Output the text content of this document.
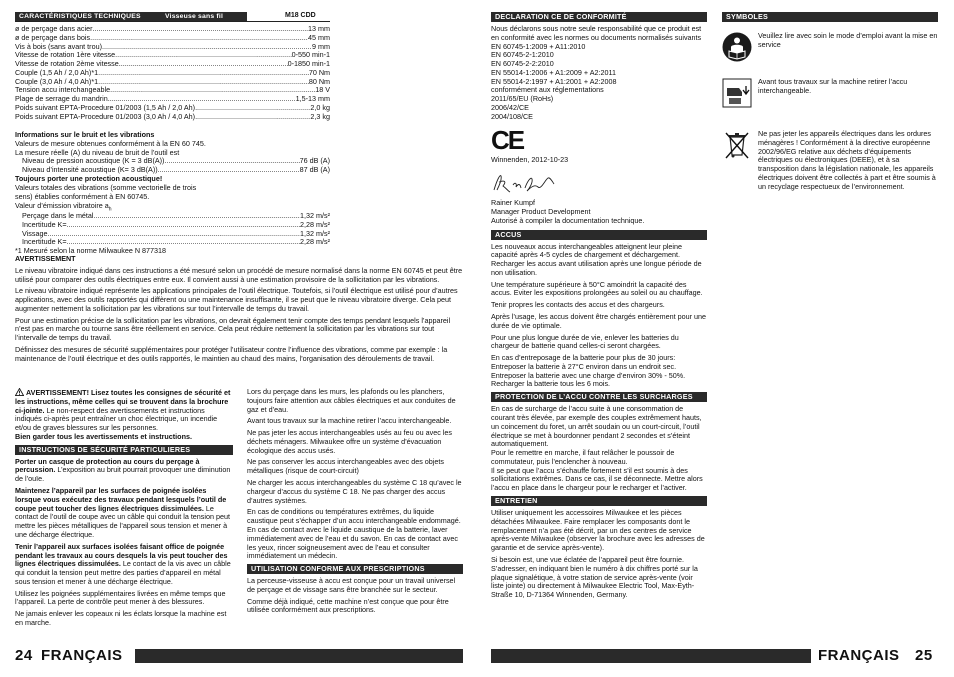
CARACTÉRISTIQUES TECHNIQUES	Visseuse sans fil	M18 CDD
ø de perçage dans acier .....	13 mm
ø de perçage dans bois .....	45 mm
Vis à bois (sans avant trou) .....	9 mm
Vitesse de rotation 1ère vitesse .....	0-550 min-1
Vitesse de rotation 2ème vitesse .....	0-1850 min-1
Couple (1,5 Ah / 2,0 Ah)*1 .....	70 Nm
Couple (3,0 Ah / 4,0 Ah)*1 .....	80 Nm
Tension accu interchangeable .....	18 V
Plage de serrage du mandrin .....	1,5-13 mm
Poids suivant EPTA-Procedure 01/2003 (1,5 Ah / 2,0 Ah) .....	2,0 kg
Poids suivant EPTA-Procedure 01/2003 (3,0 Ah / 4,0 Ah) .....	2,3 kg
Informations sur le bruit et les vibrations
Valeurs de mesure obtenues conformément à la EN 60 745.
La mesure réelle (A) du niveau de bruit de l’outil est
Niveau de pression acoustique (K = 3 dB(A)) .....	76 dB (A)
Niveau d’intensité acoustique (K= 3 dB(A)) .....	87 dB (A)
Toujours porter une protection acoustique!
Valeurs totales des vibrations (somme vectorielle de trois
sens) établies conformément à EN 60745.
Valeur d’émission vibratoire $a_h$
Perçage dans le métal .....	1,32 m/s²
Incertitude K= .....	2,28 m/s²
Vissage .....	1,32 m/s²
Incertitude K= .....	2,28 m/s²
*1 Mesuré selon la norme Milwaukee N 877318
AVERTISSEMENT
Le niveau vibratoire indiqué dans ces instructions a été mesuré selon un procédé de mesure normalisé dans la norme EN 60745 et peut être utilisé pour comparer des outils électriques entre eux. Il convient aussi à une estimation provisoire de la sollicitation par les vibrations.
Le niveau vibratoire indiqué représente les applications principales de l’outil électrique. Toutefois, si l’outil électrique est utilisé pour d’autres applications, avec des outils rapportés qui diffèrent ou une maintenance insuffisante, il se peut que le niveau vibratoire diverge. Cela peut augmenter nettement la sollicitation par les vibrations sur tout l’intervalle de temps du travail.
Pour une estimation précise de la sollicitation par les vibrations, on devrait également tenir compte des temps pendant lesquels l’appareil n’est pas en marche ou tourne sans être réellement en service. Cela peut réduire nettement la sollicitation par les vibrations sur tout l’intervalle de temps du travail.
Définissez des mesures de sécurité supplémentaires pour protéger l’utilisateur contre l’influence des vibrations, comme par exemple : la maintenance de l’outil électrique et des outils rapportés, le maintien au chaud des mains, l’organisation des déroulements de travail.
AVERTISSEMENT! Lisez toutes les consignes de sécurité et les instructions, même celles qui se trouvent dans la brochure ci-jointe. Le non-respect des avertissements et instructions indiqués ci-après peut entraîner un choc électrique, un incendie et/ou de graves blessures sur les personnes.
Bien garder tous les avertissements et instructions.
INSTRUCTIONS DE SÉCURITÉ PARTICULIERES
Porter un casque de protection au cours du perçage à percussion. L’exposition au bruit pourrait provoquer une diminution de l’ouïe.
Maintenez l’appareil par les surfaces de poignée isolées lorsque vous exécutez des travaux pendant lesquels l’outil de coupe peut toucher des lignes électriques dissimulées. Le contact de l’outil de coupe avec un câble qui conduit la tension peut mettre les pièces métalliques de l’appareil sous tension et mener à une décharge électrique.
Tenir l’appareil aux surfaces isolées faisant office de poignée pendant les travaux au cours desquels la vis peut toucher des lignes électriques dissimulées. Le contact de la vis avec un câble qui conduit la tension peut mettre des parties d’appareil en métal sous tension et mener à une décharge électrique.
Utilisez les poignées supplémentaires livrées en même temps que l’appareil. La perte de contrôle peut mener à des blessures.
Ne jamais enlever les copeaux ni les éclats lorsque la machine est en marche.
Lors du perçage dans les murs, les plafonds ou les planchers, toujours faire attention aux câbles électriques et aux conduites de gaz et d’eau.
Avant tous travaux sur la machine retirer l’accu interchangeable.
Ne pas jeter les accus interchangeables usés au feu ou avec les déchets ménagers. Milwaukee offre un système d’évacuation écologique des accus usés.
Ne pas conserver les accus interchangeables avec des objets métalliques (risque de court-circuit)
Ne charger les accus interchangeables du système C 18 qu’avec le chargeur d’accus du système C 18. Ne pas charger des accus d’autres systèmes.
En cas de conditions ou températures extrêmes, du liquide caustique peut s’échapper d’un accu interchangeable endommagé. En cas de contact avec le liquide caustique de la batterie, laver immédiatement avec de l’eau et du savon. En cas de contact avec les yeux, rincer soigneusement avec de l’eau et consulter immédiatement un médecin.
UTILISATION CONFORME AUX PRESCRIPTIONS
La perceuse-visseuse à accu est conçue pour un travail universel de perçage et de vissage sans être branchée sur le secteur.
Comme déjà indiqué, cette machine n’est conçue que pour être utilisée conformément aux prescriptions.
24 FRANÇAIS
DECLARATION CE DE CONFORMITÉ
Nous déclarons sous notre seule responsabilité que ce produit est en conformité avec les normes ou documents normalisés suivants
EN 60745-1:2009 + A11:2010
EN 60745-2-1:2010
EN 60745-2-2:2010
EN 55014-1:2006 + A1:2009 + A2:2011
EN 55014-2:1997 + A1:2001 + A2:2008
conformément aux réglementations
2011/65/EU (RoHs)
2006/42/CE
2004/108/CE
CE
Winnenden, 2012-10-23
Rainer Kumpf
Manager Product Development
Autorisé à compiler la documentation technique.
ACCUS
Les nouveaux accus interchangeables atteignent leur pleine capacité après 4-5 cycles de chargement et déchargement. Recharger les accus avant utilisation après une longue période de non utilisation.
Une température supérieure à 50°C amoindrit la capacité des accus. Eviter les expositions prolongées au soleil ou au chauffage.
Tenir propres les contacts des accus et des chargeurs.
Après l’usage, les accus doivent être chargés entièrement pour une durée de vie optimale.
Pour une plus longue durée de vie, enlever les batteries du chargeur de batterie quand celles-ci seront chargées.
En cas d’entreposage de la batterie pour plus de 30 jours: Entreposer la batterie à 27°C environ dans un endroit sec. Entreposer la batterie avec une charge d’environ 30% - 50%. Recharger la batterie tous les 6 mois.
PROTECTION DE L’ACCU CONTRE LES SURCHARGES
En cas de surcharge de l’accu suite à une consommation de courant très élevée, par exemple des couples extrêmement hauts, un coincement du foret, un arrêt soudain ou un court-circuit, l’outil électrique se met à bourdonner pendant 2 secondes et s’éteint automatiquement.
Pour le remettre en marche, il faut relâcher le poussoir de commutateur, puis l’enclencher à nouveau.
Il se peut que l’accu s’échauffe fortement s’il est soumis à des sollicitations extrêmes. Dans ce cas, il se déconnecte. Mettre alors l’accu en place dans le chargeur pour le recharger et l’activer.
ENTRETIEN
Utiliser uniquement les accessoires Milwaukee et les pièces détachées Milwaukee. Faire remplacer les composants dont le remplacement n’a pas été décrit, par un des centres de service après-vente Milwaukee (observer la brochure avec les adresses de garantie et de service après-vente).
Si besoin est, une vue éclatée de l’appareil peut être fournie. S’adresser, en indiquant bien le numéro à dix chiffres porté sur la plaque signalétique, à votre station de service après-vente (voir liste jointe) ou directement à Milwaukee Electric Tool, Max-Eyth-Straße 10, D-71364 Winnenden, Germany.
SYMBOLES
Veuillez lire avec soin le mode d’emploi avant la mise en service
Avant tous travaux sur la machine retirer l’accu interchangeable.
Ne pas jeter les appareils électriques dans les ordures ménagères ! Conformément à la directive européenne 2002/96/EG relative aux déchets d’équipements électriques ou électroniques (DEEE), et à sa transposition dans la législation nationale, les appareils électriques doivent être collectés à part et être soumis à un recyclage respectueux de l’environnement.
FRANÇAIS 25
